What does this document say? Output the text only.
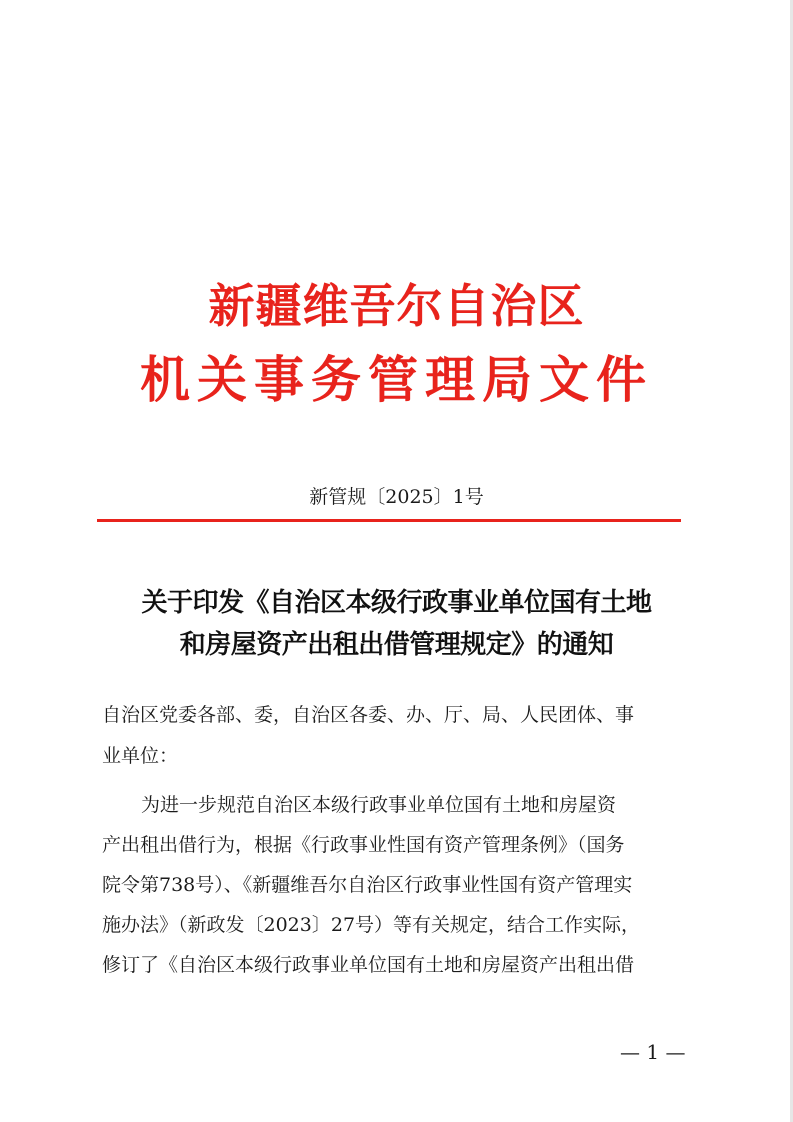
新疆维吾尔自治区
机关事务管理局文件
新管规〔2025〕1号
关于印发《自治区本级行政事业单位国有土地
和房屋资产出租出借管理规定》的通知
自治区党委各部、委，自治区各委、办、厅、局、人民团体、事
业单位：
为进一步规范自治区本级行政事业单位国有土地和房屋资
产出租出借行为，根据《行政事业性国有资产管理条例》（国务
院令第738号）、《新疆维吾尔自治区行政事业性国有资产管理实
施办法》（新政发〔2023〕27号）等有关规定，结合工作实际，
修订了《自治区本级行政事业单位国有土地和房屋资产出租出借
— 1 —
